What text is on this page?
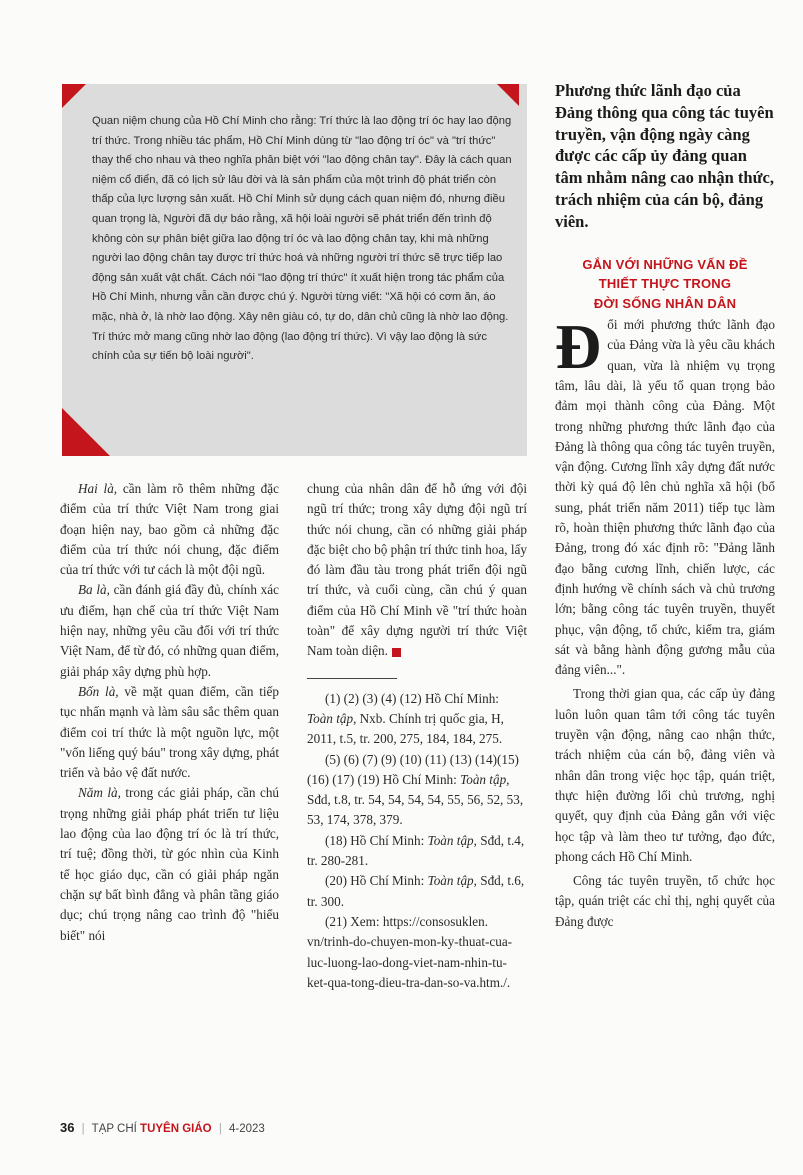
Quan niệm chung của Hồ Chí Minh cho rằng: Trí thức là lao động trí óc hay lao động trí thức. Trong nhiều tác phẩm, Hồ Chí Minh dùng từ "lao động trí óc" và "trí thức" thay thế cho nhau và theo nghĩa phân biệt với "lao động chân tay". Đây là cách quan niệm cổ điển, đã có lịch sử lâu đời và là sản phẩm của một trình độ phát triển còn thấp của lực lượng sản xuất. Hồ Chí Minh sử dụng cách quan niệm đó, nhưng điều quan trọng là, Người đã dự báo rằng, xã hội loài người sẽ phát triển đến trình độ không còn sự phân biệt giữa lao động trí óc và lao động chân tay, khi mà những người lao động chân tay được trí thức hoá và những người trí thức sẽ trực tiếp lao động sản xuất vật chất. Cách nói "lao động trí thức" ít xuất hiện trong tác phẩm của Hồ Chí Minh, nhưng vẫn cần được chú ý. Người từng viết: "Xã hội có cơm ăn, áo mặc, nhà ở, là nhờ lao động. Xây nên giàu có, tự do, dân chủ cũng là nhờ lao động. Trí thức mở mang cũng nhờ lao động (lao động trí thức). Vì vậy lao động là sức chính của sự tiến bộ loài người".

Hai là, cần làm rõ thêm những đặc điểm của trí thức Việt Nam trong giai đoạn hiện nay, bao gồm cả những đặc điểm của trí thức nói chung, đặc điểm của trí thức với tư cách là một đội ngũ.

Ba là, cần đánh giá đầy đủ, chính xác ưu điểm, hạn chế của trí thức Việt Nam hiện nay, những yêu cầu đối với trí thức Việt Nam, để từ đó, có những quan điểm, giải pháp xây dựng phù hợp.

Bốn là, về mặt quan điểm, cần tiếp tục nhấn mạnh và làm sâu sắc thêm quan điểm coi trí thức là một nguồn lực, một "vốn liếng quý báu" trong xây dựng, phát triển và bảo vệ đất nước.

Năm là, trong các giải pháp, cần chú trọng những giải pháp phát triển tư liệu lao động của lao động trí óc là trí thức, trí tuệ; đồng thời, từ góc nhìn của Kinh tế học giáo dục, cần có giải pháp ngăn chặn sự bất bình đẳng và phân tầng giáo dục; chú trọng nâng cao trình độ "hiểu biết" nói

chung của nhân dân để hỗ ứng với đội ngũ trí thức; trong xây dựng đội ngũ trí thức nói chung, cần có những giải pháp đặc biệt cho bộ phận trí thức tinh hoa, lấy đó làm đầu tàu trong phát triển đội ngũ trí thức, và cuối cùng, cần chú ý quan điểm của Hồ Chí Minh về "trí thức hoàn toàn" để xây dựng người trí thức Việt Nam toàn diện.

(1) (2) (3) (4) (12) Hồ Chí Minh: Toàn tập, Nxb. Chính trị quốc gia, H, 2011, t.5, tr. 200, 275, 184, 184, 275.

(5) (6) (7) (9) (10) (11) (13) (14)(15) (16) (17) (19) Hồ Chí Minh: Toàn tập, Sđd, t.8, tr. 54, 54, 54, 54, 55, 56, 52, 53, 53, 174, 378, 379.

(18) Hồ Chí Minh: Toàn tập, Sđd, t.4, tr. 280-281.

(20) Hồ Chí Minh: Toàn tập, Sđd, t.6, tr. 300.

(21) Xem: https://consosuklen. vn/trinh-do-chuyen-mon-ky-thuat-cua-luc-luong-lao-dong-viet-nam-nhin-tu-ket-qua-tong-dieu-tra-dan-so-va.htm./.

Phương thức lãnh đạo của Đảng thông qua công tác tuyên truyền, vận động ngày càng được các cấp ủy đảng quan tâm nhằm nâng cao nhận thức, trách nhiệm của cán bộ, đảng viên.
GẮN VỚI NHỮNG VẤN ĐỀ
THIẾT THỰC TRONG
ĐỜI SỐNG NHÂN DÂN

Đổi mới phương thức lãnh đạo của Đảng vừa là yêu cầu khách quan, vừa là nhiệm vụ trọng tâm, lâu dài, là yếu tố quan trọng bảo đảm mọi thành công của Đảng. Một trong những phương thức lãnh đạo của Đảng là thông qua công tác tuyên truyền, vận động. Cương lĩnh xây dựng đất nước thời kỳ quá độ lên chủ nghĩa xã hội (bổ sung, phát triển năm 2011) tiếp tục làm rõ, hoàn thiện phương thức lãnh đạo của Đảng, trong đó xác định rõ: "Đảng lãnh đạo bằng cương lĩnh, chiến lược, các định hướng về chính sách và chủ trương lớn; bằng công tác tuyên truyền, thuyết phục, vận động, tổ chức, kiểm tra, giám sát và bằng hành động gương mẫu của đảng viên...".

Trong thời gian qua, các cấp ủy đảng luôn luôn quan tâm tới công tác tuyên truyền vận động, nâng cao nhận thức, trách nhiệm của cán bộ, đảng viên và nhân dân trong việc học tập, quán triệt, thực hiện đường lối chủ trương, nghị quyết, quy định của Đảng gắn với việc học tập và làm theo tư tưởng, đạo đức, phong cách Hồ Chí Minh.

Công tác tuyên truyền, tổ chức học tập, quán triệt các chỉ thị, nghị quyết của Đảng được

36 | TẠP CHÍ TUYÊN GIÁO | 4-2023
